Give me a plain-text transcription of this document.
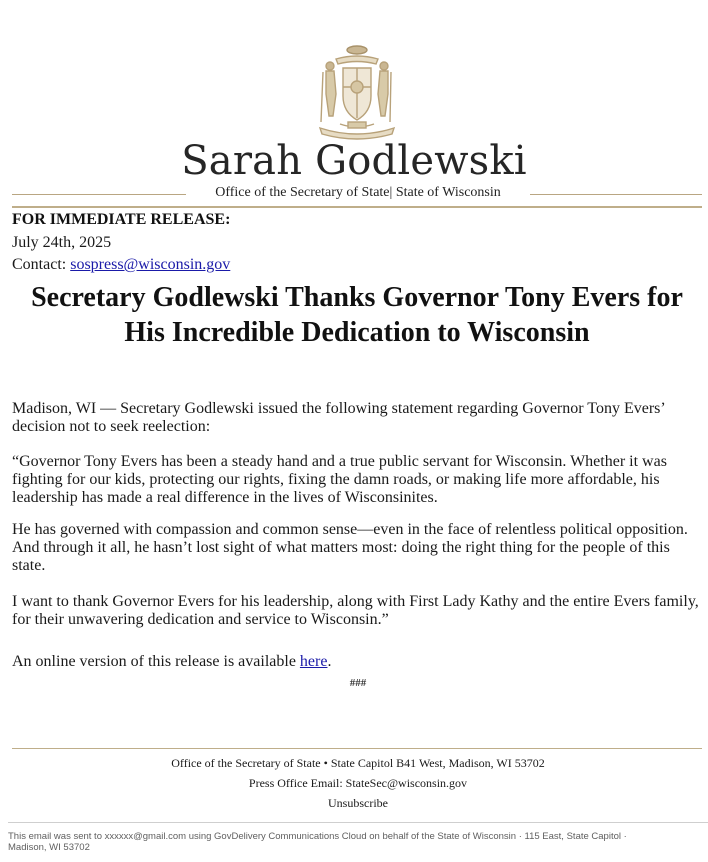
Sarah Godlewski
Office of the Secretary of State| State of Wisconsin
FOR IMMEDIATE RELEASE:
July 24th, 2025
Contact: sospress@wisconsin.gov
Secretary Godlewski Thanks Governor Tony Evers for His Incredible Dedication to Wisconsin

Madison, WI — Secretary Godlewski issued the following statement regarding Governor Tony Evers’ decision not to seek reelection:

“Governor Tony Evers has been a steady hand and a true public servant for Wisconsin. Whether it was fighting for our kids, protecting our rights, fixing the damn roads, or making life more affordable, his leadership has made a real difference in the lives of Wisconsinites.

He has governed with compassion and common sense—even in the face of relentless political opposition. And through it all, he hasn’t lost sight of what matters most: doing the right thing for the people of this state.

I want to thank Governor Evers for his leadership, along with First Lady Kathy and the entire Evers family, for their unwavering dedication and service to Wisconsin.”

An online version of this release is available here.

###
Office of the Secretary of State • State Capitol B41 West, Madison, WI 53702
Press Office Email: StateSec@wisconsin.gov
Unsubscribe
This email was sent to xxxxxx@gmail.com using GovDelivery Communications Cloud on behalf of the State of Wisconsin · 115 East, State Capitol · Madison, WI 53702
